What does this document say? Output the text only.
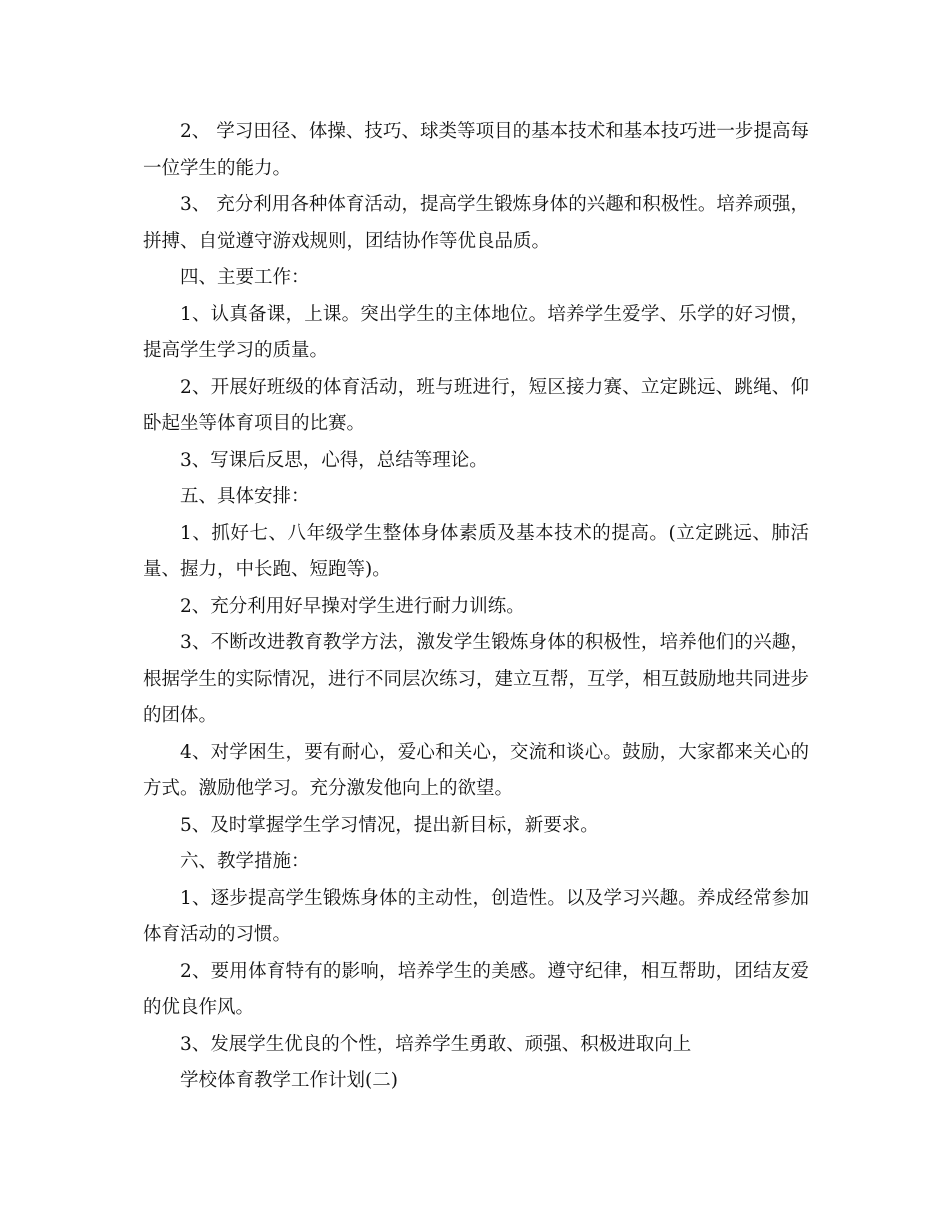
2、 学习田径、体操、技巧、球类等项目的基本技术和基本技巧进一步提高每一位学生的能力。

3、 充分利用各种体育活动，提高学生锻炼身体的兴趣和积极性。培养顽强，拼搏、自觉遵守游戏规则，团结协作等优良品质。

四、主要工作：

1、认真备课，上课。突出学生的主体地位。培养学生爱学、乐学的好习惯，提高学生学习的质量。

2、开展好班级的体育活动，班与班进行，短区接力赛、立定跳远、跳绳、仰卧起坐等体育项目的比赛。

3、写课后反思，心得，总结等理论。

五、具体安排：

1、抓好七、八年级学生整体身体素质及基本技术的提高。(立定跳远、肺活量、握力，中长跑、短跑等)。

2、充分利用好早操对学生进行耐力训练。

3、不断改进教育教学方法，激发学生锻炼身体的积极性，培养他们的兴趣，根据学生的实际情况，进行不同层次练习，建立互帮，互学，相互鼓励地共同进步的团体。

4、对学困生，要有耐心，爱心和关心，交流和谈心。鼓励，大家都来关心的方式。激励他学习。充分激发他向上的欲望。

5、及时掌握学生学习情况，提出新目标，新要求。

六、教学措施：

1、逐步提高学生锻炼身体的主动性，创造性。以及学习兴趣。养成经常参加体育活动的习惯。

2、要用体育特有的影响，培养学生的美感。遵守纪律，相互帮助，团结友爱的优良作风。

3、发展学生优良的个性，培养学生勇敢、顽强、积极进取向上

学校体育教学工作计划(二)
